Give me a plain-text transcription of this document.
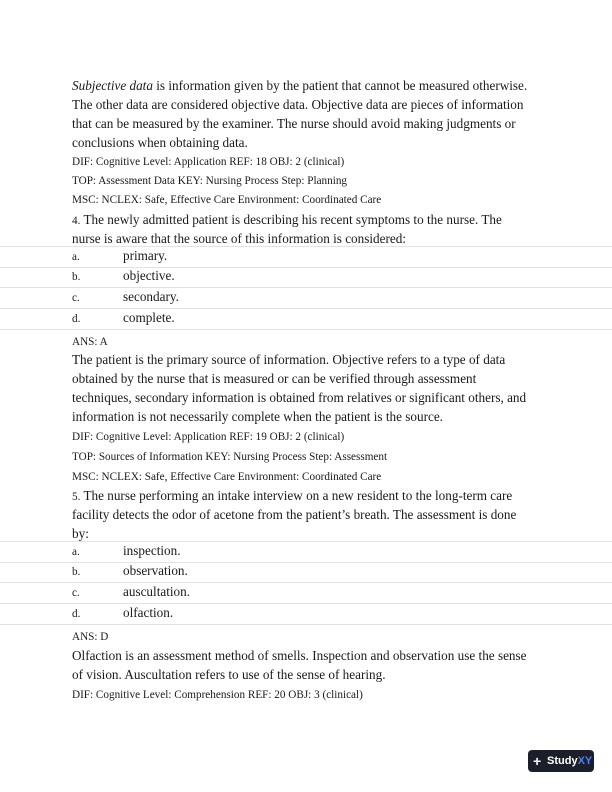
Subjective data is information given by the patient that cannot be measured otherwise.
The other data are considered objective data. Objective data are pieces of information
that can be measured by the examiner. The nurse should avoid making judgments or
conclusions when obtaining data.
DIF: Cognitive Level: Application REF: 18 OBJ: 2 (clinical)
TOP: Assessment Data KEY: Nursing Process Step: Planning
MSC: NCLEX: Safe, Effective Care Environment: Coordinated Care
4. The newly admitted patient is describing his recent symptoms to the nurse. The
nurse is aware that the source of this information is considered:
a.	primary.
b.	objective.
c.	secondary.
d.	complete.
ANS: A
The patient is the primary source of information. Objective refers to a type of data
obtained by the nurse that is measured or can be verified through assessment
techniques, secondary information is obtained from relatives or significant others, and
information is not necessarily complete when the patient is the source.
DIF: Cognitive Level: Application REF: 19 OBJ: 2 (clinical)
TOP: Sources of Information KEY: Nursing Process Step: Assessment
MSC: NCLEX: Safe, Effective Care Environment: Coordinated Care
5. The nurse performing an intake interview on a new resident to the long-term care
facility detects the odor of acetone from the patient’s breath. The assessment is done
by:
a.	inspection.
b.	observation.
c.	auscultation.
d.	olfaction.
ANS: D
Olfaction is an assessment method of smells. Inspection and observation use the sense
of vision. Auscultation refers to use of the sense of hearing.
DIF: Cognitive Level: Comprehension REF: 20 OBJ: 3 (clinical)
+ StudyXY
